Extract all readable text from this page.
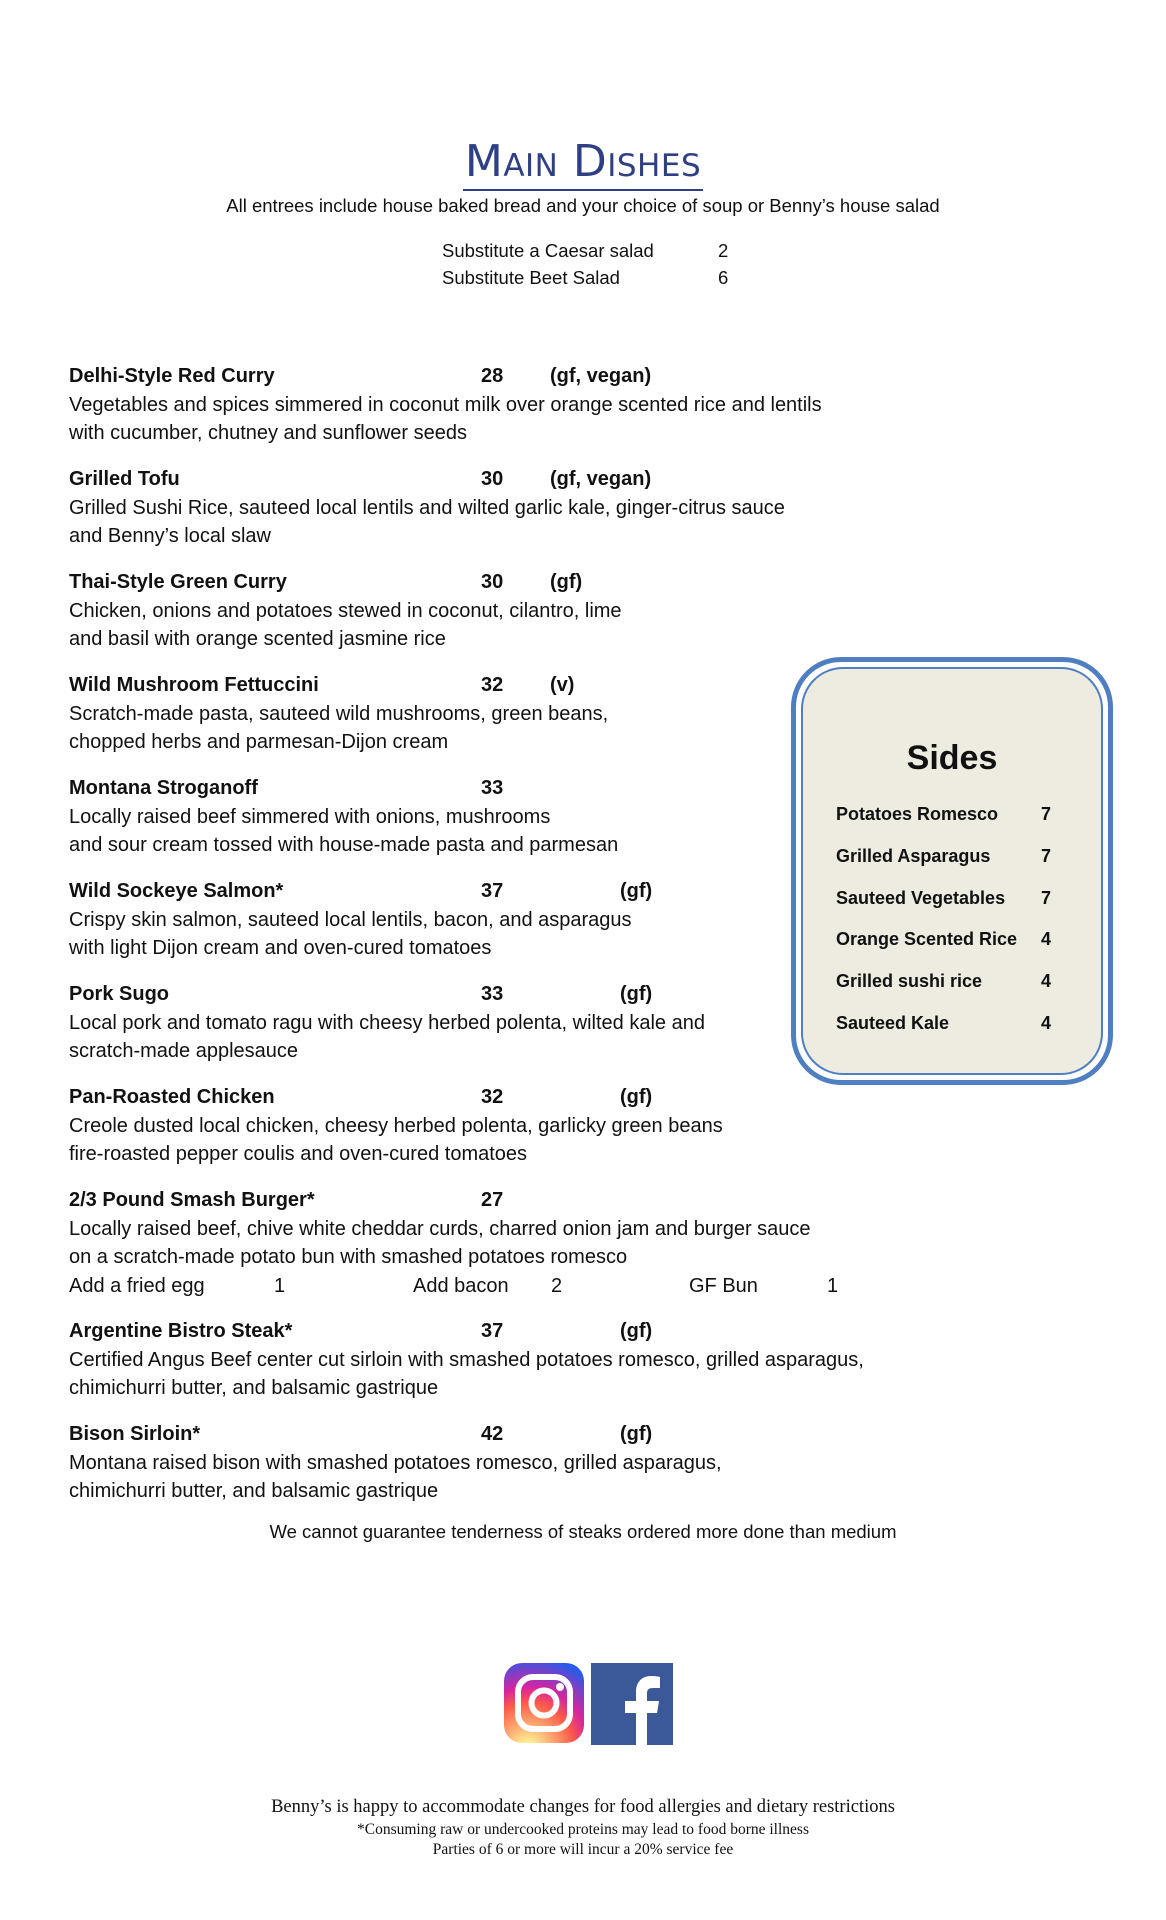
Main Dishes
All entrees include house baked bread and your choice of soup or Benny’s house salad
Substitute a Caesar salad	2
Substitute Beet Salad	6
Delhi-Style Red Curry	28 (gf, vegan)
Vegetables and spices simmered in coconut milk over orange scented rice and lentils
with cucumber, chutney and sunflower seeds
Grilled Tofu	30 (gf, vegan)
Grilled Sushi Rice, sauteed local lentils and wilted garlic kale, ginger-citrus sauce
and Benny’s local slaw
Thai-Style Green Curry	30 (gf)
Chicken, onions and potatoes stewed in coconut, cilantro, lime
and basil with orange scented jasmine rice
Wild Mushroom Fettuccini	32 (v)
Scratch-made pasta, sauteed wild mushrooms, green beans,
chopped herbs and parmesan-Dijon cream
Montana Stroganoff	33
Locally raised beef simmered with onions, mushrooms
and sour cream tossed with house-made pasta and parmesan
Wild Sockeye Salmon*	37	(gf)
Crispy skin salmon, sauteed local lentils, bacon, and asparagus
with light Dijon cream and oven-cured tomatoes
Pork Sugo	33	(gf)
Local pork and tomato ragu with cheesy herbed polenta, wilted kale and
scratch-made applesauce
Pan-Roasted Chicken	32	(gf)
Creole dusted local chicken, cheesy herbed polenta, garlicky green beans
fire-roasted pepper coulis and oven-cured tomatoes
2/3 Pound Smash Burger*	27
Locally raised beef, chive white cheddar curds, charred onion jam and burger sauce
on a scratch-made potato bun with smashed potatoes romesco
Add a fried egg	1	Add bacon 2	GF Bun	1
Argentine Bistro Steak*	37	(gf)
Certified Angus Beef center cut sirloin with smashed potatoes romesco, grilled asparagus,
chimichurri butter, and balsamic gastrique
Bison Sirloin*	42	(gf)
Montana raised bison with smashed potatoes romesco, grilled asparagus,
chimichurri butter, and balsamic gastrique
We cannot guarantee tenderness of steaks ordered more done than medium
Sides
Potatoes Romesco 7
Grilled Asparagus	7
Sauteed Vegetables 7
Orange Scented Rice 4
Grilled sushi rice	4
Sauteed Kale	4
Benny’s is happy to accommodate changes for food allergies and dietary restrictions
*Consuming raw or undercooked proteins may lead to food borne illness
Parties of 6 or more will incur a 20% service fee
